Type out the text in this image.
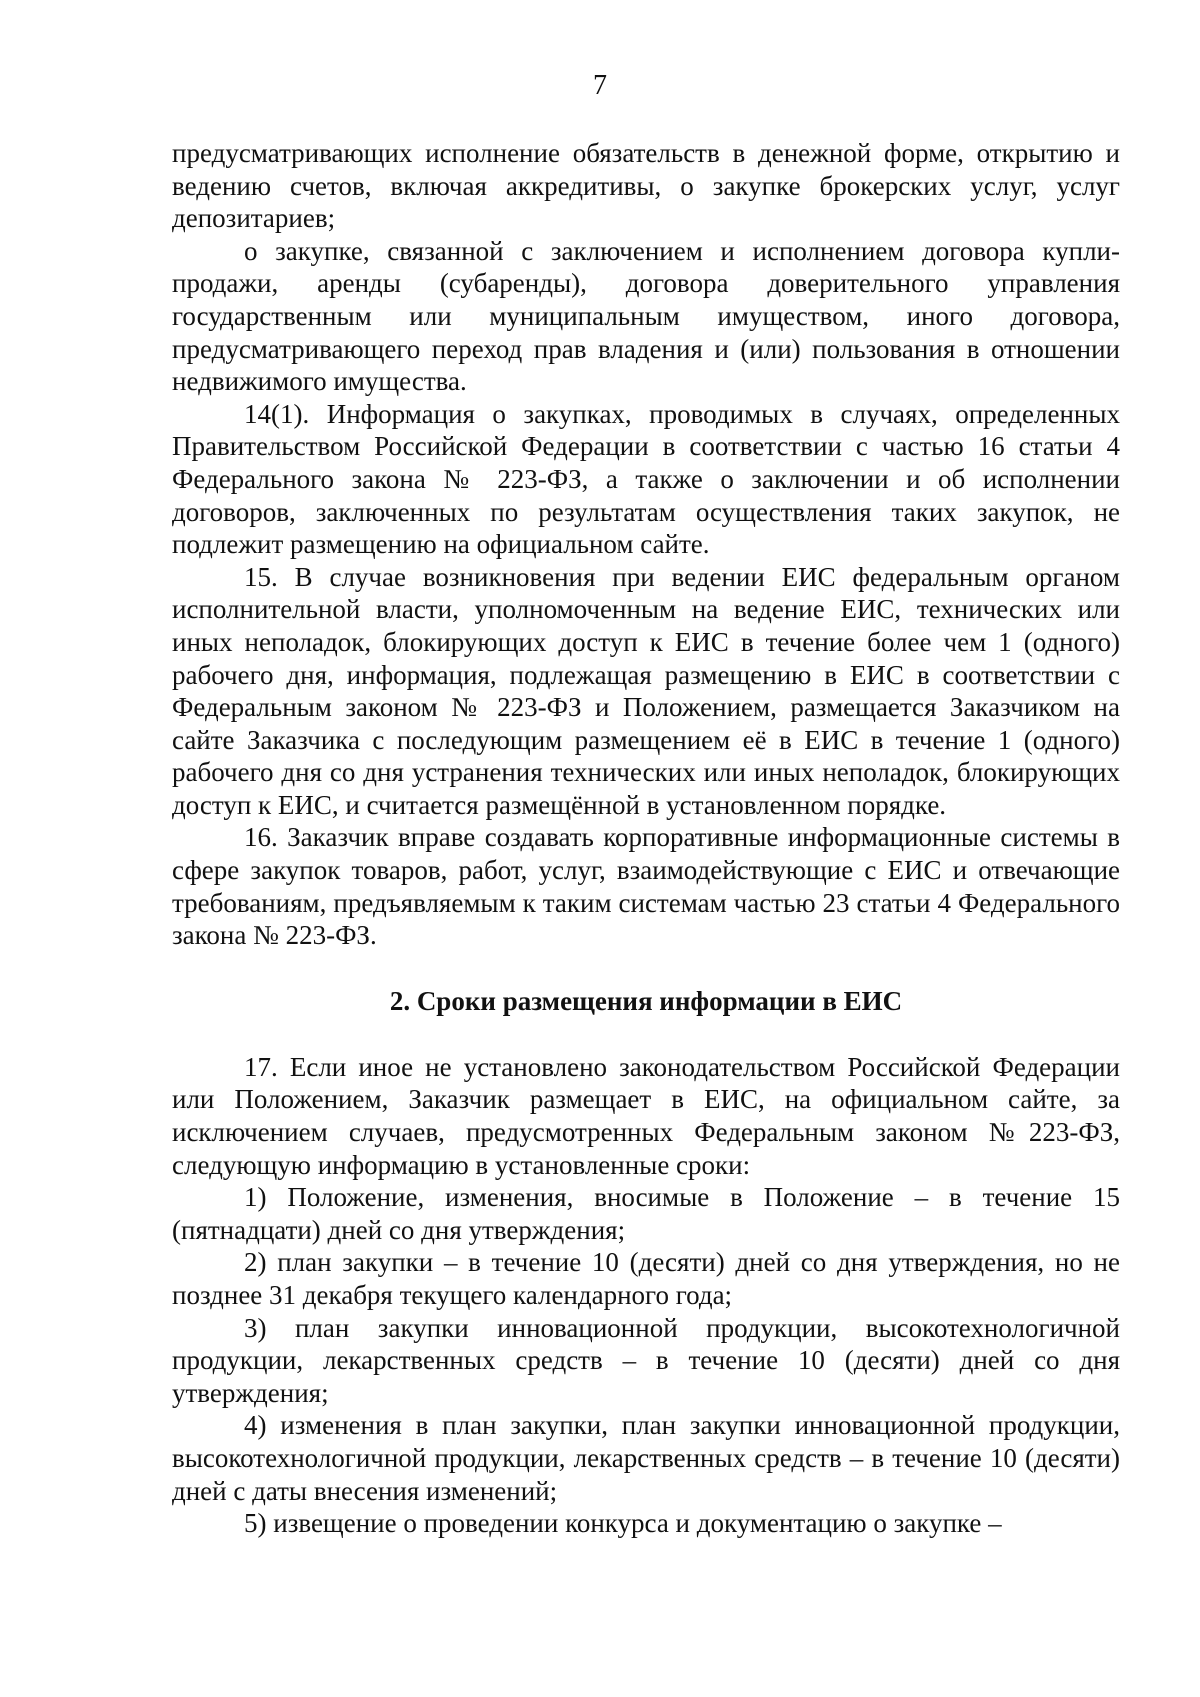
7

предусматривающих исполнение обязательств в денежной форме, открытию и ведению счетов, включая аккредитивы, о закупке брокерских услуг, услуг депозитариев;

о закупке, связанной с заключением и исполнением договора купли-продажи, аренды (субаренды), договора доверительного управления государственным или муниципальным имуществом, иного договора, предусматривающего переход прав владения и (или) пользования в отношении недвижимого имущества.

14(1). Информация о закупках, проводимых в случаях, определенных Правительством Российской Федерации в соответствии с частью 16 статьи 4 Федерального закона № 223-ФЗ, а также о заключении и об исполнении договоров, заключенных по результатам осуществления таких закупок, не подлежит размещению на официальном сайте.

15. В случае возникновения при ведении ЕИС федеральным органом исполнительной власти, уполномоченным на ведение ЕИС, технических или иных неполадок, блокирующих доступ к ЕИС в течение более чем 1 (одного) рабочего дня, информация, подлежащая размещению в ЕИС в соответствии с Федеральным законом № 223-ФЗ и Положением, размещается Заказчиком на сайте Заказчика с последующим размещением её в ЕИС в течение 1 (одного) рабочего дня со дня устранения технических или иных неполадок, блокирующих доступ к ЕИС, и считается размещённой в установленном порядке.

16. Заказчик вправе создавать корпоративные информационные системы в сфере закупок товаров, работ, услуг, взаимодействующие с ЕИС и отвечающие требованиям, предъявляемым к таким системам частью 23 статьи 4 Федерального закона № 223-ФЗ.

2. Сроки размещения информации в ЕИС

17. Если иное не установлено законодательством Российской Федерации или Положением, Заказчик размещает в ЕИС, на официальном сайте, за исключением случаев, предусмотренных Федеральным законом №223-ФЗ, следующую информацию в установленные сроки:

1) Положение, изменения, вносимые в Положение – в течение 15 (пятнадцати) дней со дня утверждения;

2) план закупки – в течение 10 (десяти) дней со дня утверждения, но не позднее 31 декабря текущего календарного года;

3) план закупки инновационной продукции, высокотехнологичной продукции, лекарственных средств – в течение 10 (десяти) дней со дня утверждения;

4) изменения в план закупки, план закупки инновационной продукции, высокотехнологичной продукции, лекарственных средств – в течение 10 (десяти) дней с даты внесения изменений;

5) извещение о проведении конкурса и документацию о закупке –
